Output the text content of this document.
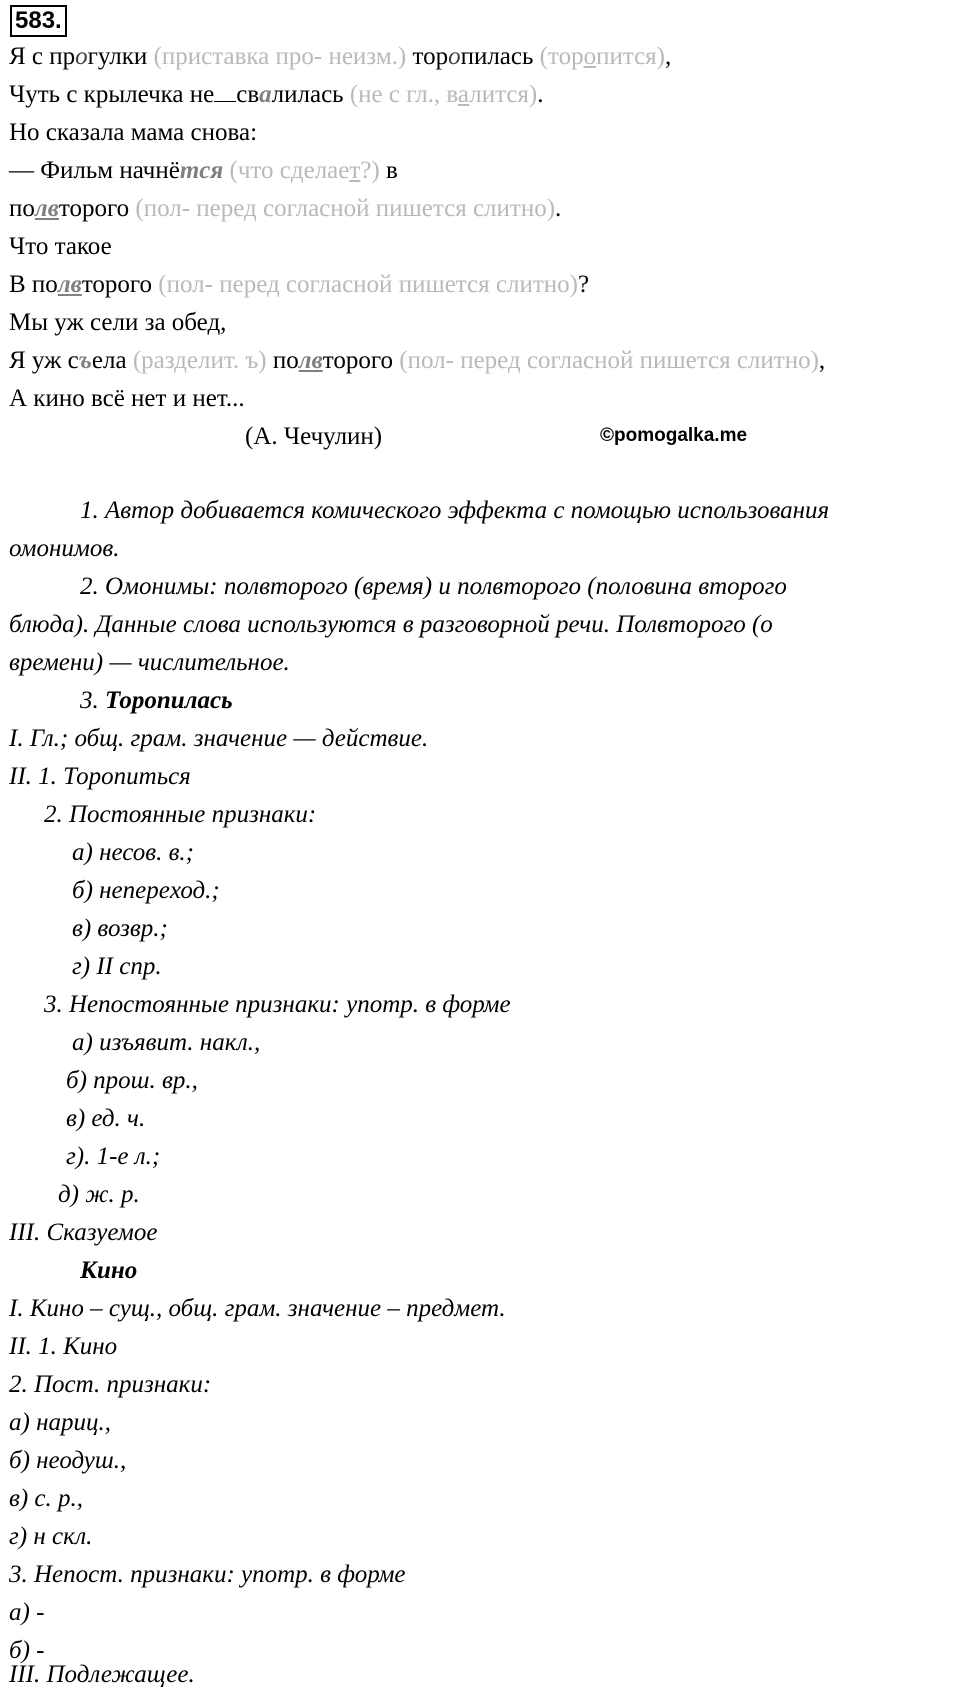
583.
Я с прогулки (приставка про- неизм.) торопилась (торопится),
Чуть с крылечка не свалилась (не с гл., валится).
Но сказала мама снова:
— Фильм начнётся (что сделает?) в
полвторого (пол- перед согласной пишется слитно).
Что такое
В полвторого (пол- перед согласной пишется слитно)?
Мы уж сели за обед,
Я уж съела (разделит. ъ) полвторого (пол- перед согласной пишется слитно),
А кино всё нет и нет...
(А. Чечулин)	©pomogalka.me
1. Автор добивается комического эффекта с помощью использования
омонимов.
2. Омонимы: полвторого (время) и полвторого (половина второго
блюда). Данные слова используются в разговорной речи. Полвторого (о
времени) — числительное.
3. Торопилась
I. Гл.; общ. грам. значение — действие.
II. 1. Торопиться
2. Постоянные признаки:
а) несов. в.;
б) неперeход.;
в) возвр.;
г) II спр.
3. Непостоянные признаки: употр. в форме
а) изъявит. накл.,
б) прош. вр.,
в) ед. ч.
г). 1-е л.;
д) ж. р.
III. Сказуемое
Кино
I. Кино – сущ., общ. грам. значение – предмет.
II. 1. Кино
2. Пост. признаки:
а) нариц.,
б) неодуш.,
в) с. р.,
г) н скл.
3. Непост. признаки: употр. в форме
а) -
б) -
III. Подлежащее.
